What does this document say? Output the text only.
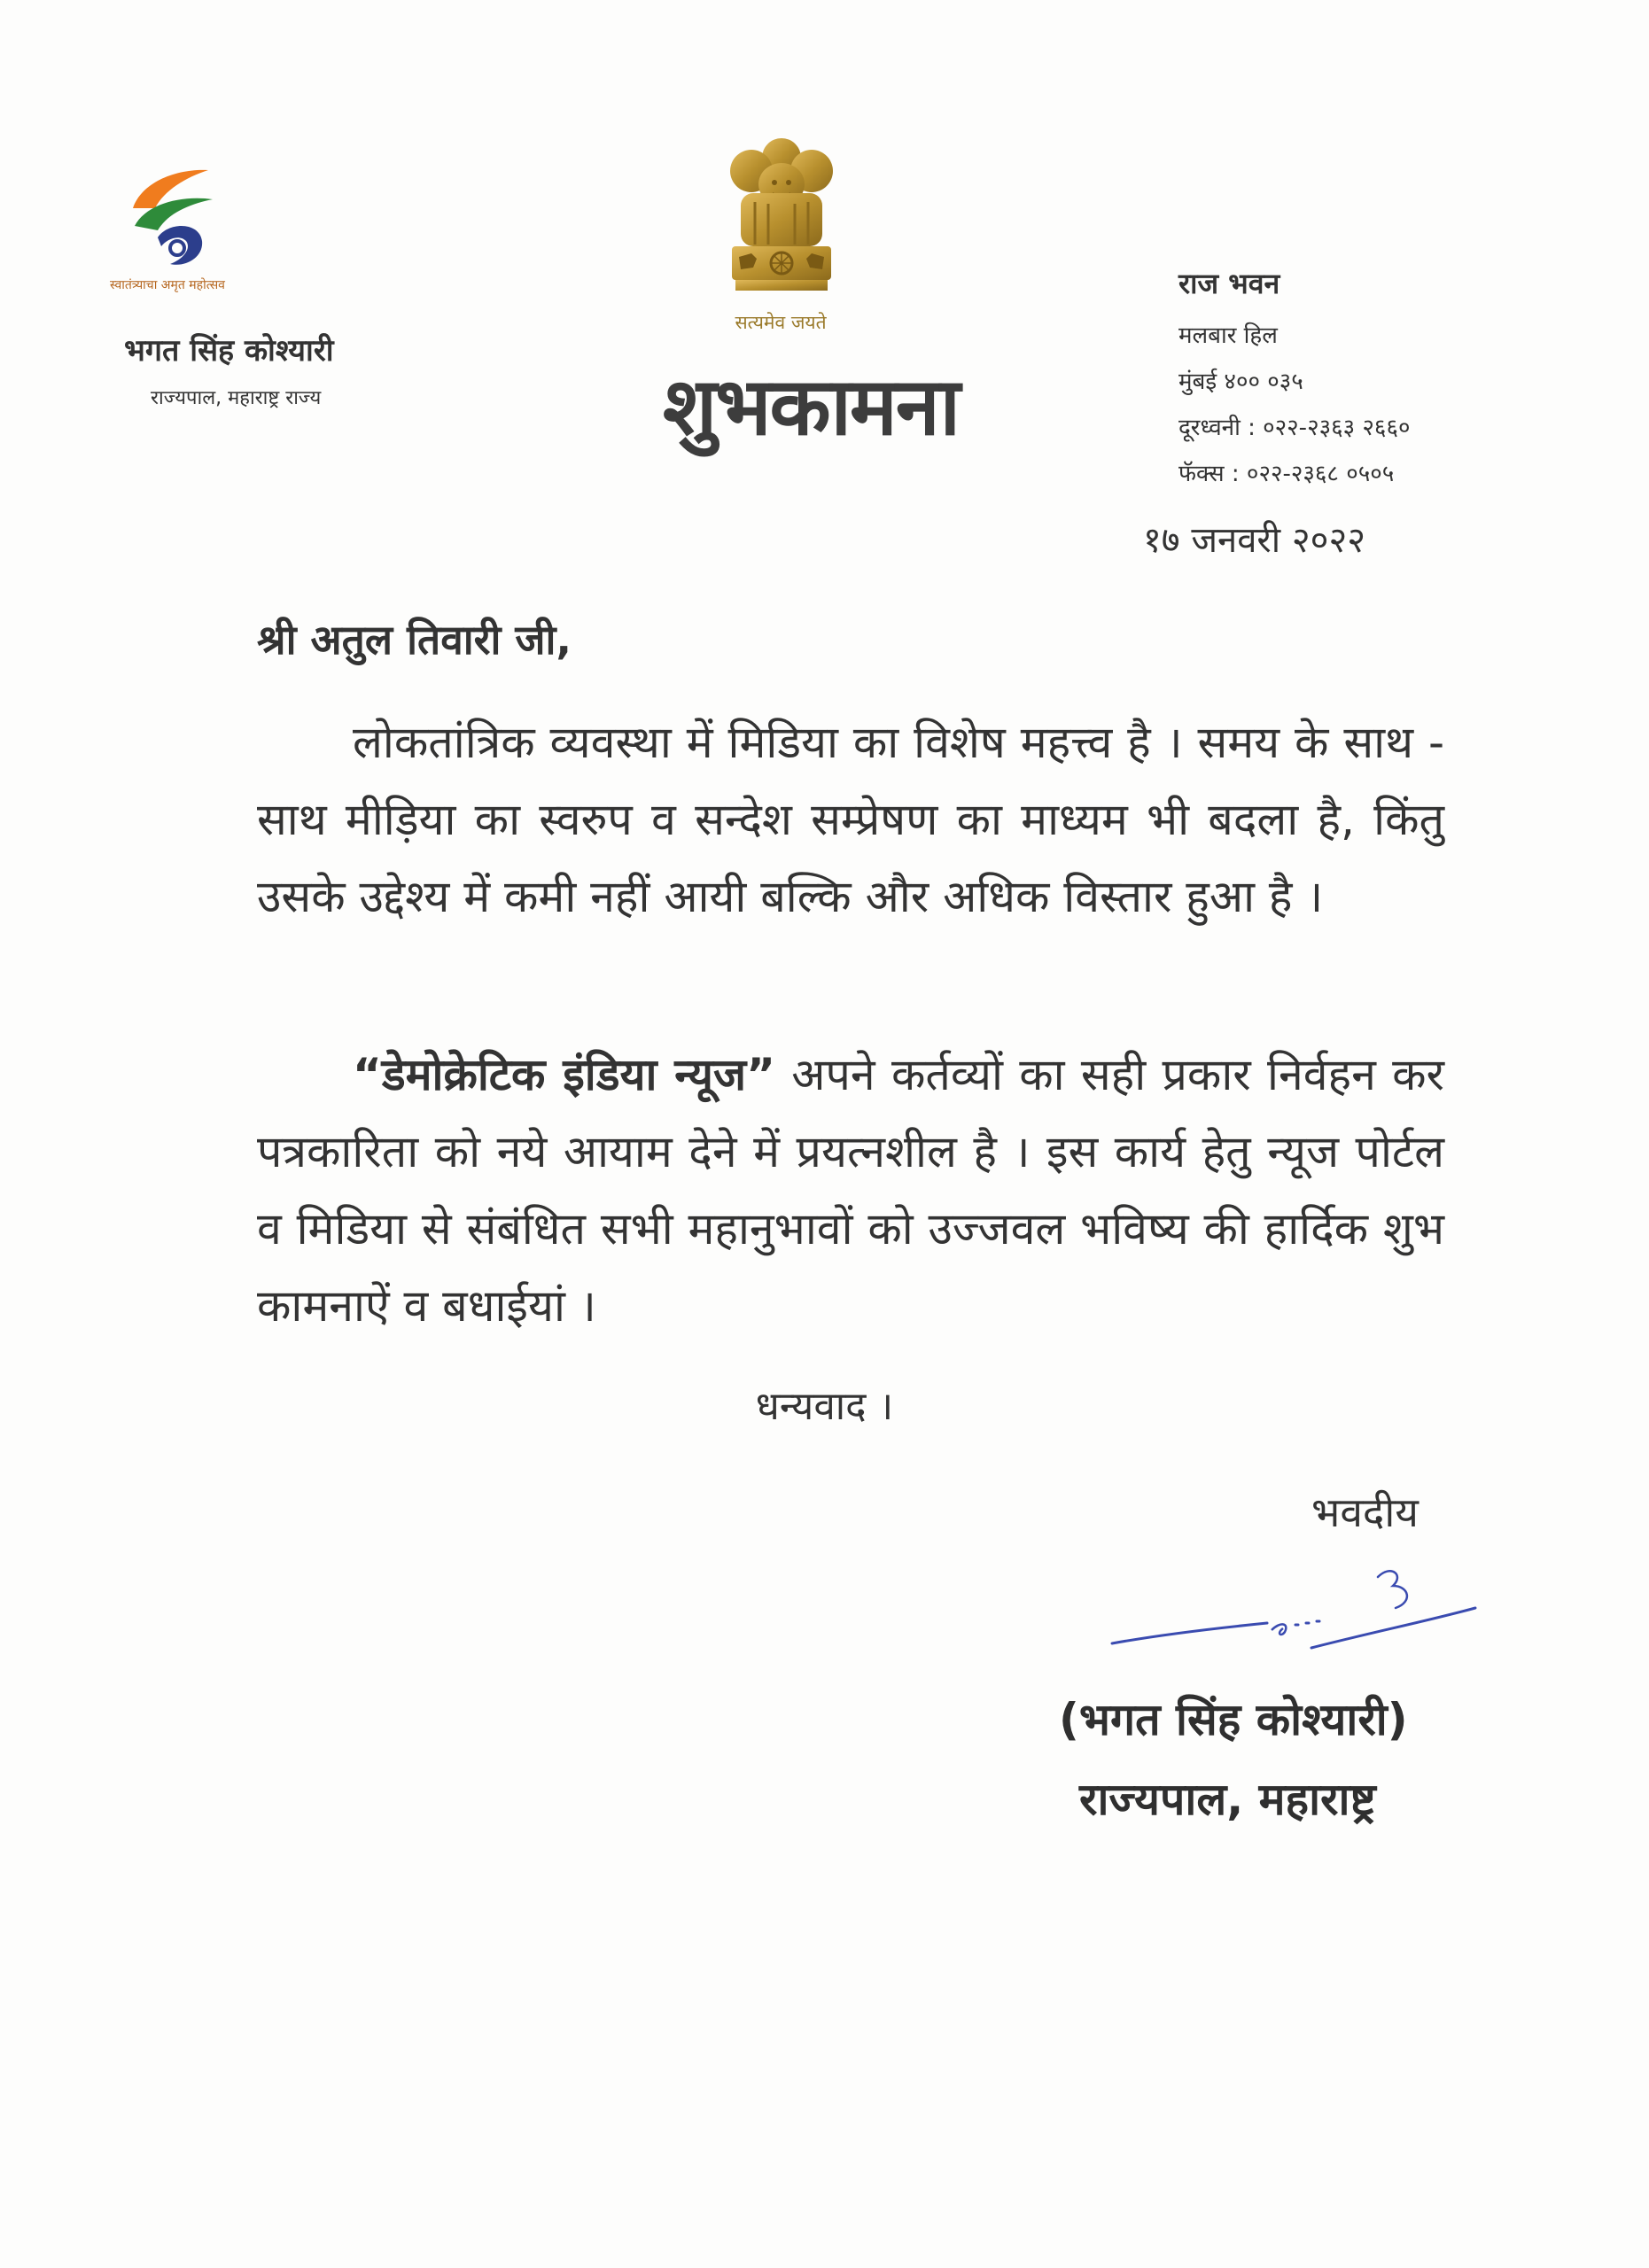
स्वातंत्र्याचा अमृत महोत्सव
भगत सिंह कोश्यारी
राज्यपाल, महाराष्ट्र राज्य
सत्यमेव जयते
शुभकामना
राज भवन
मलबार हिल
मुंबई ४०० ०३५
दूरध्वनी : ०२२-२३६३ २६६०
फॅक्स : ०२२-२३६८ ०५०५
१७ जनवरी २०२२
श्री अतुल तिवारी जी,
लोकतांत्रिक व्यवस्था में मिडिया का विशेष महत्त्व है । समय के साथ - साथ मीड़िया का स्वरुप व सन्देश सम्प्रेषण का माध्यम भी बदला है, किंतु उसके उद्देश्य में कमी नहीं आयी बल्कि और अधिक विस्तार हुआ है ।
“डेमोक्रेटिक इंडिया न्यूज” अपने कर्तव्यों का सही प्रकार निर्वहन कर पत्रकारिता को नये आयाम देने में प्रयत्नशील है । इस कार्य हेतु न्यूज पोर्टल व मिडिया से संबंधित सभी महानुभावों को उज्जवल भविष्य की हार्दिक शुभ कामनाऐं व बधाईयां ।
धन्यवाद ।
भवदीय
(भगत सिंह कोश्यारी)
राज्यपाल, महाराष्ट्र
